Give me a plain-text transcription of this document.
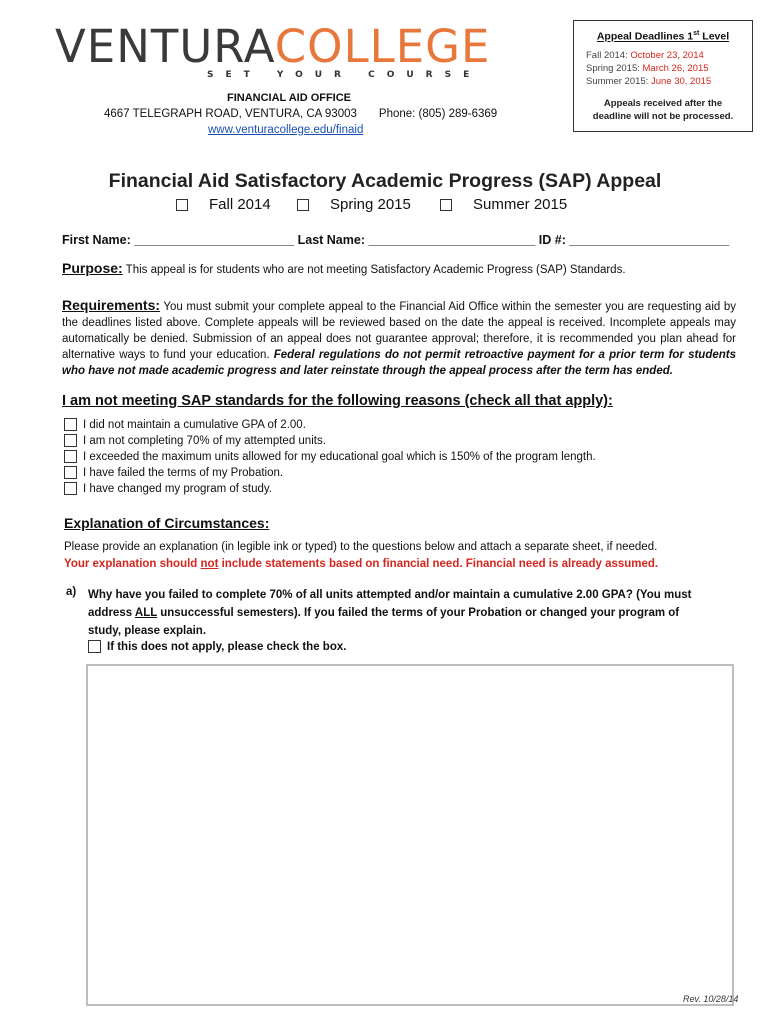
VENTURACOLLEGE
SET YOUR COURSE
FINANCIAL AID OFFICE
4667 TELEGRAPH ROAD, VENTURA, CA 93003 Phone: (805) 289-6369
www.venturacollege.edu/finaid
Appeal Deadlines 1st Level
Fall 2014: October 23, 2014
Spring 2015: March 26, 2015
Summer 2015: June 30, 2015
Appeals received after the
deadline will not be processed.
Financial Aid Satisfactory Academic Progress (SAP) Appeal
Fall 2014	Spring 2015	Summer 2015
First Name: _______________________ Last Name: ________________________ ID #: _______________________
Purpose: This appeal is for students who are not meeting Satisfactory Academic Progress (SAP) Standards.
Requirements: You must submit your complete appeal to the Financial Aid Office within the semester you are requesting aid by the deadlines listed above. Complete appeals will be reviewed based on the date the appeal is received. Incomplete appeals may automatically be denied. Submission of an appeal does not guarantee approval; therefore, it is recommended you plan ahead for alternative ways to fund your education. Federal regulations do not permit retroactive payment for a prior term for students who have not made academic progress and later reinstate through the appeal process after the term has ended.
I am not meeting SAP standards for the following reasons (check all that apply):
I did not maintain a cumulative GPA of 2.00.
I am not completing 70% of my attempted units.
I exceeded the maximum units allowed for my educational goal which is 150% of the program length.
I have failed the terms of my Probation.
I have changed my program of study.
Explanation of Circumstances:
Please provide an explanation (in legible ink or typed) to the questions below and attach a separate sheet, if needed.
Your explanation should not include statements based on financial need. Financial need is already assumed.
a) Why have you failed to complete 70% of all units attempted and/or maintain a cumulative 2.00 GPA? (You must address ALL unsuccessful semesters). If you failed the terms of your Probation or changed your program of study, please explain.
If this does not apply, please check the box.
Rev. 10/28/14
